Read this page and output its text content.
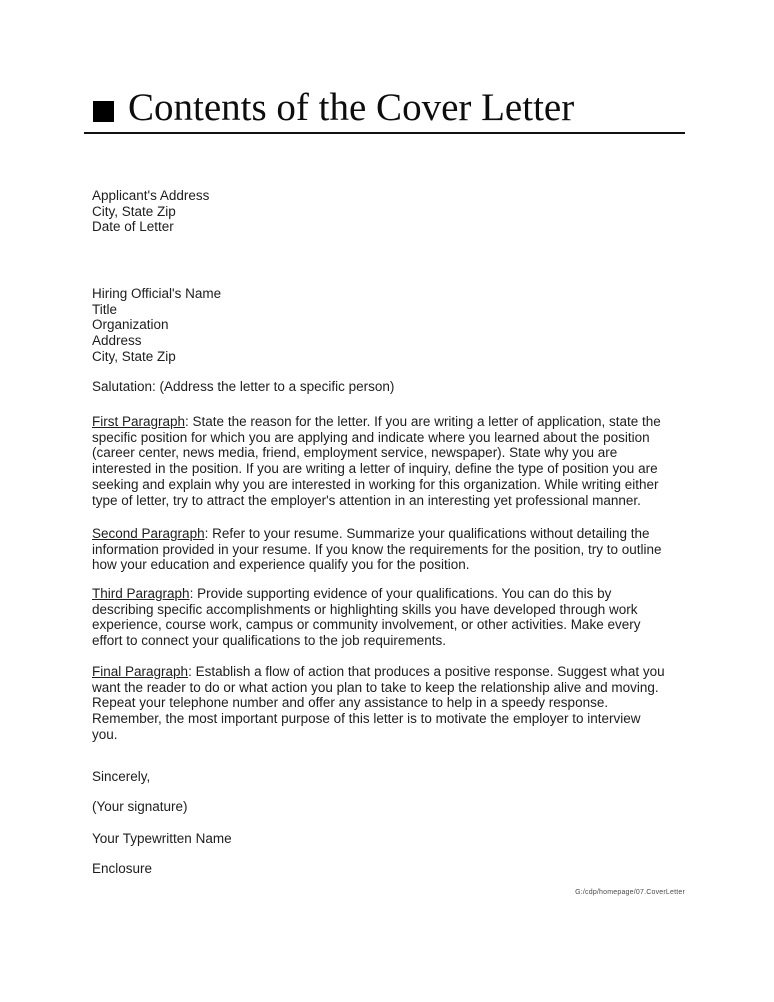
Contents of the Cover Letter
Applicant's Address
City, State Zip
Date of Letter
Hiring Official's Name
Title
Organization
Address
City, State Zip
Salutation: (Address the letter to a specific person)

First Paragraph: State the reason for the letter. If you are writing a letter of application, state the specific position for which you are applying and indicate where you learned about the position (career center, news media, friend, employment service, newspaper). State why you are interested in the position. If you are writing a letter of inquiry, define the type of position you are seeking and explain why you are interested in working for this organization. While writing either type of letter, try to attract the employer's attention in an interesting yet professional manner.

Second Paragraph: Refer to your resume. Summarize your qualifications without detailing the information provided in your resume. If you know the requirements for the position, try to outline how your education and experience qualify you for the position.

Third Paragraph: Provide supporting evidence of your qualifications. You can do this by describing specific accomplishments or highlighting skills you have developed through work experience, course work, campus or community involvement, or other activities. Make every effort to connect your qualifications to the job requirements.

Final Paragraph: Establish a flow of action that produces a positive response. Suggest what you want the reader to do or what action you plan to take to keep the relationship alive and moving. Repeat your telephone number and offer any assistance to help in a speedy response. Remember, the most important purpose of this letter is to motivate the employer to interview you.

Sincerely,
(Your signature)
Your Typewritten Name
Enclosure
G:/cdp/homepage/07.CoverLetter
